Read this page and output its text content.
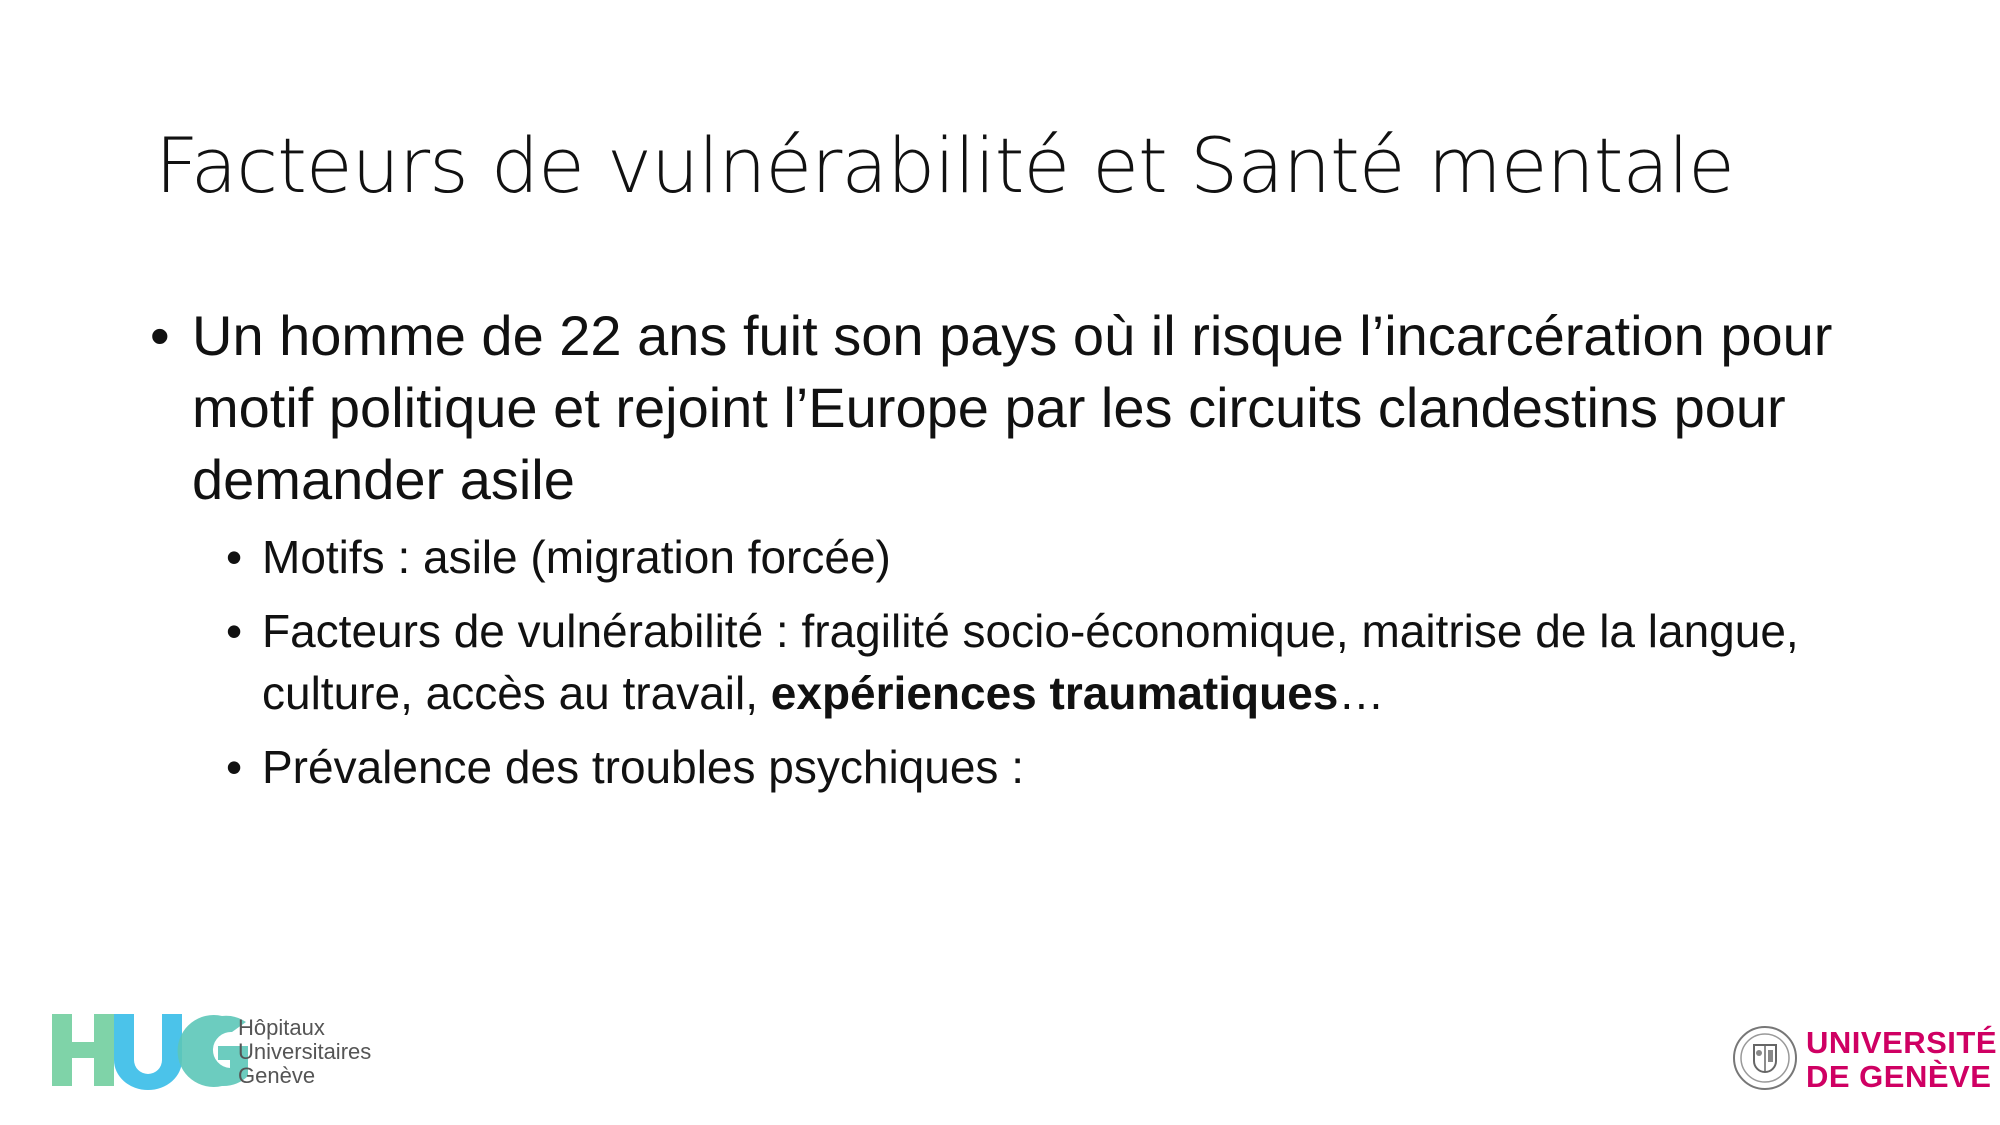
Facteurs de vulnérabilité et Santé mentale
• Un homme de 22 ans fuit son pays où il risque l’incarcération pour motif politique et rejoint l’Europe par les circuits clandestins pour demander asile
• Motifs : asile (migration forcée)
• Facteurs de vulnérabilité : fragilité socio-économique, maitrise de la langue, culture, accès au travail, expériences traumatiques…
• Prévalence des troubles psychiques :
Hôpitaux
Universitaires
Genève
UNIVERSITÉ
DE GENÈVE
